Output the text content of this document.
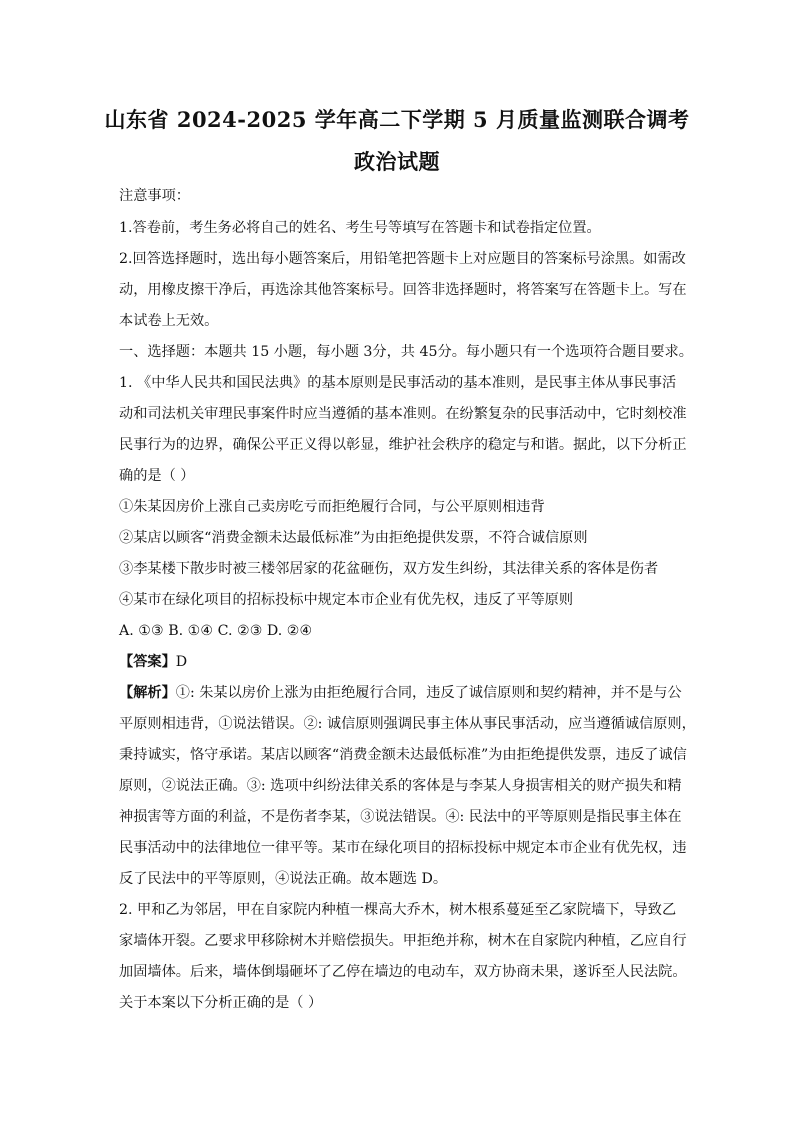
山东省 2024-2025 学年高二下学期 5 月质量监测联合调考
政治试题
注意事项：
1.答卷前，考生务必将自己的姓名、考生号等填写在答题卡和试卷指定位置。
2.回答选择题时，选出每小题答案后，用铅笔把答题卡上对应题目的答案标号涂黑。如需改
动，用橡皮擦干净后，再选涂其他答案标号。回答非选择题时，将答案写在答题卡上。写在
本试卷上无效。
一、选择题：本题共 15 小题，每小题 3分，共 45分。每小题只有一个选项符合题目要求。
1. 《中华人民共和国民法典》的基本原则是民事活动的基本准则，是民事主体从事民事活
动和司法机关审理民事案件时应当遵循的基本准则。在纷繁复杂的民事活动中，它时刻校准
民事行为的边界，确保公平正义得以彰显，维护社会秩序的稳定与和谐。据此，以下分析正
确的是（ ）
①朱某因房价上涨自己卖房吃亏而拒绝履行合同，与公平原则相违背
②某店以顾客“消费金额未达最低标准”为由拒绝提供发票，不符合诚信原则
③李某楼下散步时被三楼邻居家的花盆砸伤，双方发生纠纷，其法律关系的客体是伤者
④某市在绿化项目的招标投标中规定本市企业有优先权，违反了平等原则
A. ①③ B. ①④ C. ②③ D. ②④
【答案】D
【解析】①: 朱某以房价上涨为由拒绝履行合同，违反了诚信原则和契约精神，并不是与公
平原则相违背，①说法错误。②: 诚信原则强调民事主体从事民事活动，应当遵循诚信原则，
秉持诚实，恪守承诺。某店以顾客“消费金额未达最低标准”为由拒绝提供发票，违反了诚信
原则，②说法正确。③: 选项中纠纷法律关系的客体是与李某人身损害相关的财产损失和精
神损害等方面的利益，不是伤者李某，③说法错误。④: 民法中的平等原则是指民事主体在
民事活动中的法律地位一律平等。某市在绿化项目的招标投标中规定本市企业有优先权，违
反了民法中的平等原则，④说法正确。故本题选 D。
2. 甲和乙为邻居，甲在自家院内种植一棵高大乔木，树木根系蔓延至乙家院墙下，导致乙
家墙体开裂。乙要求甲移除树木并赔偿损失。甲拒绝并称，树木在自家院内种植，乙应自行
加固墙体。后来，墙体倒塌砸坏了乙停在墙边的电动车，双方协商未果，遂诉至人民法院。
关于本案以下分析正确的是（ ）
